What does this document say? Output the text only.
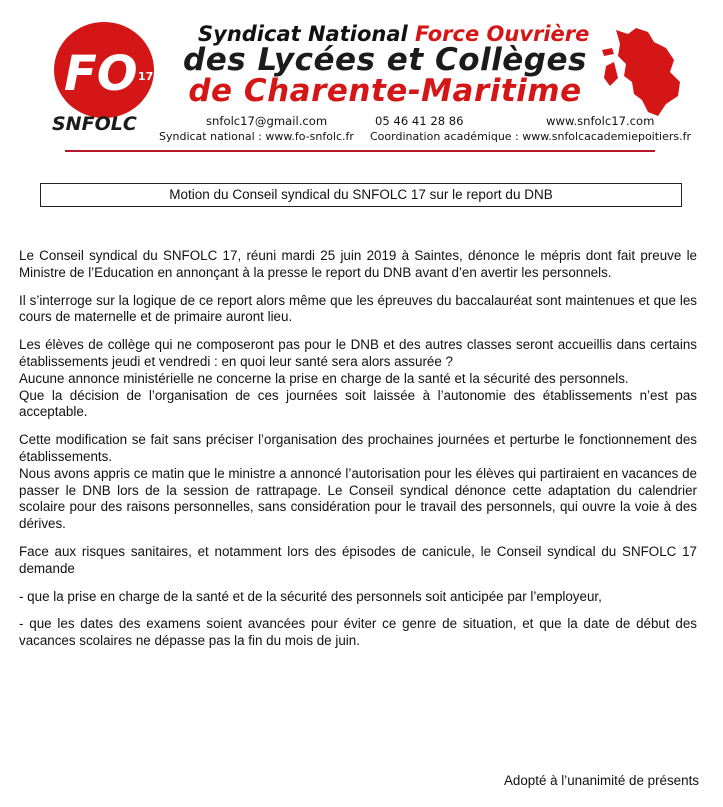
FO 17
SNFOLC
Syndicat National Force Ouvrière
des Lycées et Collèges
de Charente-Maritime
snfolc17@gmail.com	05 46 41 28 86	www.snfolc17.com
Syndicat national : www.fo-snfolc.fr Coordination académique : www.snfolcacademiepoitiers.fr
Motion du Conseil syndical du SNFOLC 17 sur le report du DNB

Le Conseil syndical du SNFOLC 17, réuni mardi 25 juin 2019 à Saintes, dénonce le mépris dont fait preuve le Ministre de l’Education en annonçant à la presse le report du DNB avant d’en avertir les personnels.

Il s’interroge sur la logique de ce report alors même que les épreuves du baccalauréat sont maintenues et que les cours de maternelle et de primaire auront lieu.

Les élèves de collège qui ne composeront pas pour le DNB et des autres classes seront accueillis dans certains établissements jeudi et vendredi : en quoi leur santé sera alors assurée ?

Aucune annonce ministérielle ne concerne la prise en charge de la santé et la sécurité des personnels.

Que la décision de l’organisation de ces journées soit laissée à l’autonomie des établissements n’est pas acceptable.

Cette modification se fait sans préciser l’organisation des prochaines journées et perturbe le fonctionnement des établissements.

Nous avons appris ce matin que le ministre a annoncé l’autorisation pour les élèves qui partiraient en vacances de passer le DNB lors de la session de rattrapage. Le Conseil syndical dénonce cette adaptation du calendrier scolaire pour des raisons personnelles, sans considération pour le travail des personnels, qui ouvre la voie à des dérives.

Face aux risques sanitaires, et notamment lors des épisodes de canicule, le Conseil syndical du SNFOLC 17 demande

- que la prise en charge de la santé et de la sécurité des personnels soit anticipée par l’employeur,

- que les dates des examens soient avancées pour éviter ce genre de situation, et que la date de début des vacances scolaires ne dépasse pas la fin du mois de juin.

Adopté à l’unanimité de présents
